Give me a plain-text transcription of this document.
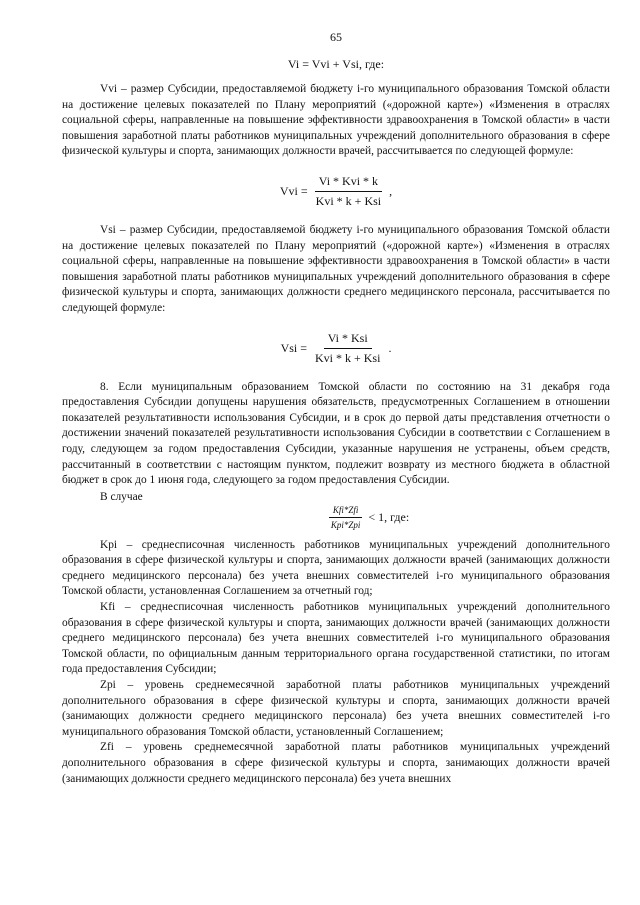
65
Vi = Vvi + Vsi, где:

Vvi – размер Субсидии, предоставляемой бюджету i-го муниципального образования Томской области на достижение целевых показателей по Плану мероприятий («дорожной карте») «Изменения в отраслях социальной сферы, направленные на повышение эффективности здравоохранения в Томской области» в части повышения заработной платы работников муниципальных учреждений дополнительного образования в сфере физической культуры и спорта, занимающих должности врачей, рассчитывается по следующей формуле:

Vvi = $\frac{\text{Vi * Kvi * k}}{\text{Kvi * k + Ksi}}$ ,

Vsi – размер Субсидии, предоставляемой бюджету i-го муниципального образования Томской области на достижение целевых показателей по Плану мероприятий («дорожной карте») «Изменения в отраслях социальной сферы, направленные на повышение эффективности здравоохранения в Томской области» в части повышения заработной платы работников муниципальных учреждений дополнительного образования в сфере физической культуры и спорта, занимающих должности среднего медицинского персонала, рассчитывается по следующей формуле:

Vsi = $\frac{\text{Vi * Ksi}}{\text{Kvi * k + Ksi}}$ .

8. Если муниципальным образованием Томской области по состоянию на 31 декабря года предоставления Субсидии допущены нарушения обязательств, предусмотренных Соглашением в отношении показателей результативности использования Субсидии, и в срок до первой даты представления отчетности о достижении значений показателей результативности использования Субсидии в соответствии с Соглашением в году, следующем за годом предоставления Субсидии, указанные нарушения не устранены, объем средств, рассчитанный в соответствии с настоящим пунктом, подлежит возврату из местного бюджета в областной бюджет в срок до 1 июня года, следующего за годом предоставления Субсидии.

В случае
$\frac{\text{Kfi*Zfi}}{\text{Kpi*Zpi}} < 1$, где:

Kpi – среднесписочная численность работников муниципальных учреждений дополнительного образования в сфере физической культуры и спорта, занимающих должности врачей (занимающих должности среднего медицинского персонала) без учета внешних совместителей i-го муниципального образования Томской области, установленная Соглашением за отчетный год;

Kfi – среднесписочная численность работников муниципальных учреждений дополнительного образования в сфере физической культуры и спорта, занимающих должности врачей (занимающих должности среднего медицинского персонала) без учета внешних совместителей i-го муниципального образования Томской области, по официальным данным территориального органа государственной статистики, по итогам года предоставления Субсидии;

Zpi – уровень среднемесячной заработной платы работников муниципальных учреждений дополнительного образования в сфере физической культуры и спорта, занимающих должности врачей (занимающих должности среднего медицинского персонала) без учета внешних совместителей i-го муниципального образования Томской области, установленный Соглашением;

Zfi – уровень среднемесячной заработной платы работников муниципальных учреждений дополнительного образования в сфере физической культуры и спорта, занимающих должности врачей (занимающих должности среднего медицинского персонала) без учета внешних
